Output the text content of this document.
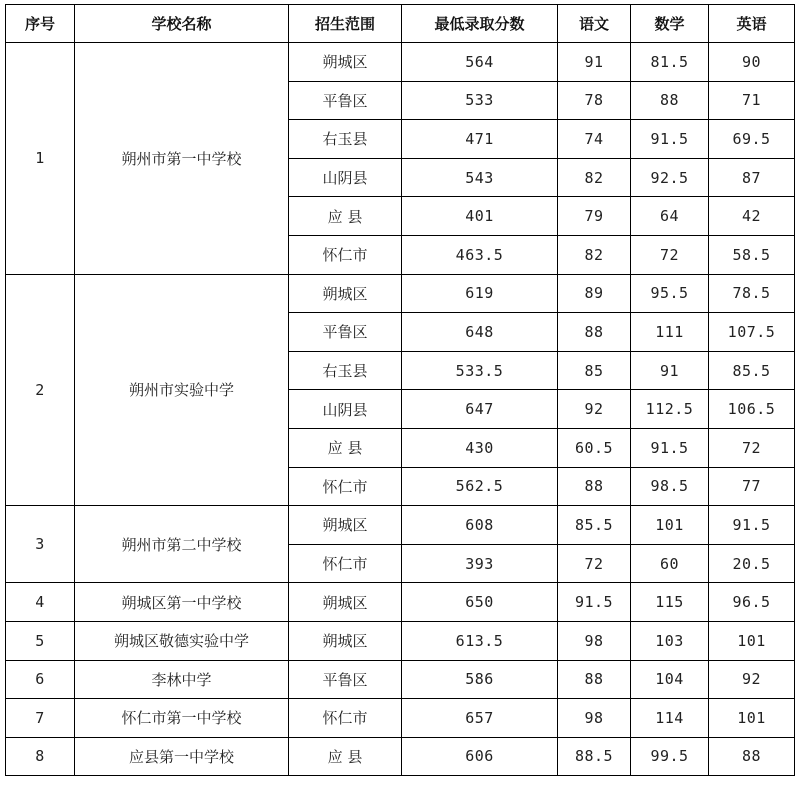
序号	学校名称	招生范围	最低录取分数	语文	数学	英语
1	朔州市第一中学校	朔城区	564	91	81.5	90
		平鲁区	533	78	88	71
		右玉县	471	74	91.5	69.5
		山阴县	543	82	92.5	87
		应 县	401	79	64	42
		怀仁市	463.5	82	72	58.5
2	朔州市实验中学	朔城区	619	89	95.5	78.5
		平鲁区	648	88	111	107.5
		右玉县	533.5	85	91	85.5
		山阴县	647	92	112.5	106.5
		应 县	430	60.5	91.5	72
		怀仁市	562.5	88	98.5	77
3	朔州市第二中学校	朔城区	608	85.5	101	91.5
		怀仁市	393	72	60	20.5
4	朔城区第一中学校	朔城区	650	91.5	115	96.5
5	朔城区敬德实验中学	朔城区	613.5	98	103	101
6	李林中学	平鲁区	586	88	104	92
7	怀仁市第一中学校	怀仁市	657	98	114	101
8	应县第一中学校	应 县	606	88.5	99.5	88
